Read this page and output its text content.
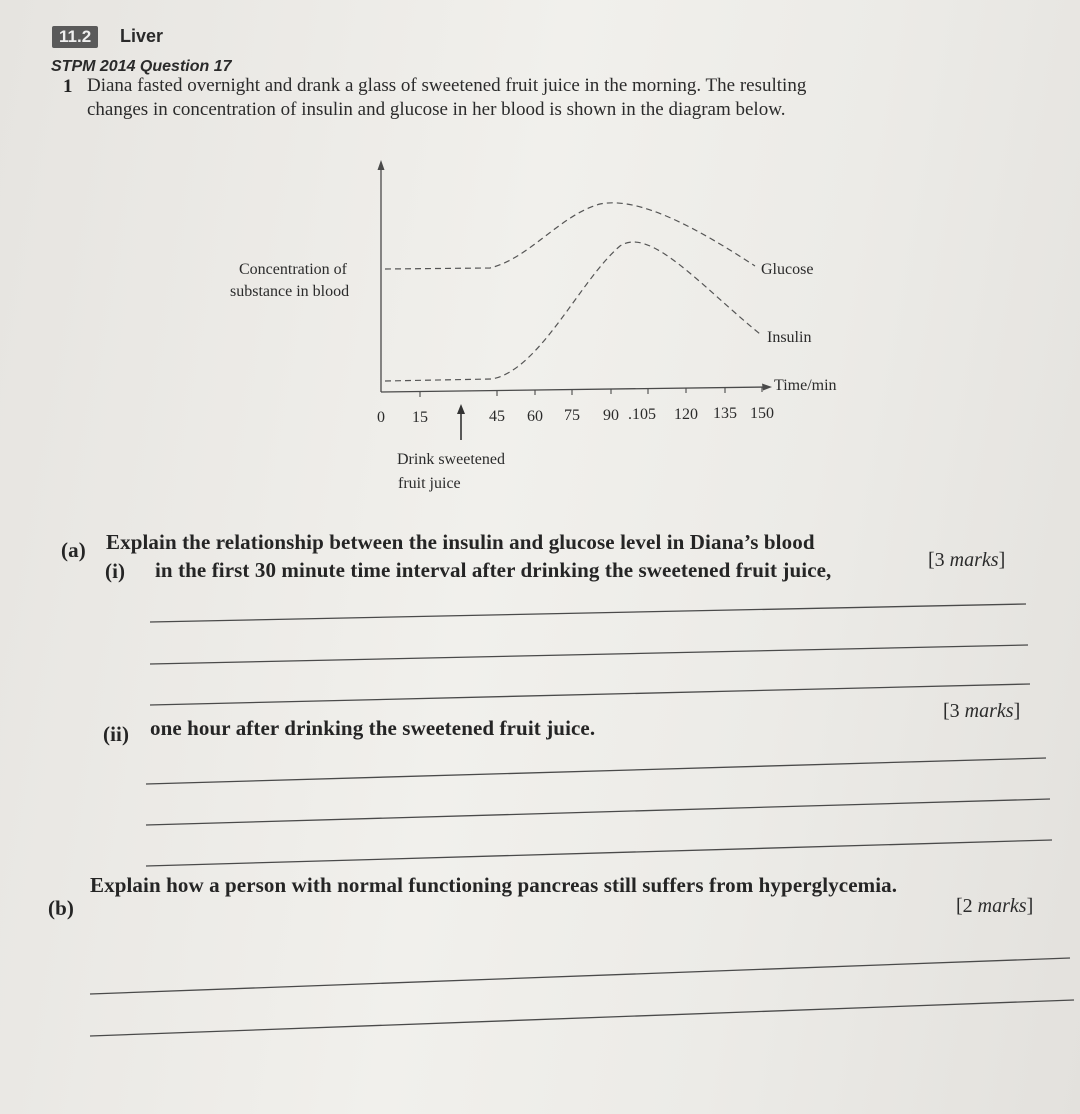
11.2	Liver
STPM 2014 Question 17
1 Diana fasted overnight and drank a glass of sweetened fruit juice in the morning. The resulting
changes in concentration of insulin and glucose in her blood is shown in the diagram below.
Concentration of
substance in blood
Glucose
Insulin
Time/min
0 15	45 60 75 90 .105 120 135 150
Drink sweetened
fruit juice
(a) Explain the relationship between the insulin and glucose level in Diana’s blood
(i) in the first 30 minute time interval after drinking the sweetened fruit juice,	[3 marks]
(ii) one hour after drinking the sweetened fruit juice.
[3 marks]
(b)
Explain how a person with normal functioning pancreas still suffers from hyperglycemia.
[2 marks]
